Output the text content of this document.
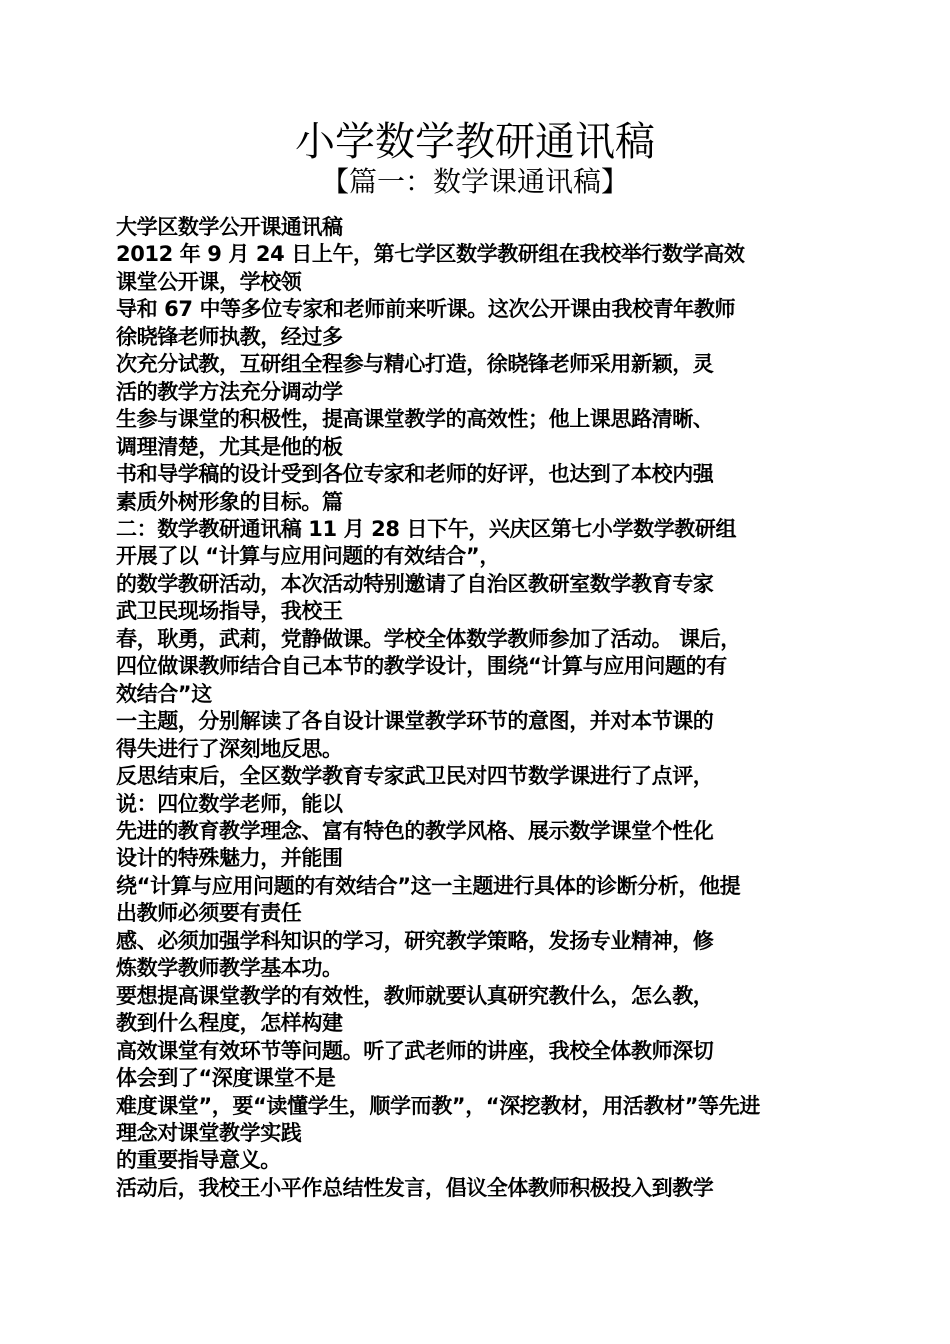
小学数学教研通讯稿
【篇一：数学课通讯稿】
大学区数学公开课通讯稿
2012 年 9 月 24 日上午，第七学区数学教研组在我校举行数学高效
课堂公开课，学校领
导和 67 中等多位专家和老师前来听课。这次公开课由我校青年教师
徐晓锋老师执教，经过多
次充分试教，互研组全程参与精心打造，徐晓锋老师采用新颖，灵
活的教学方法充分调动学
生参与课堂的积极性，提高课堂教学的高效性；他上课思路清晰、
调理清楚，尤其是他的板
书和导学稿的设计受到各位专家和老师的好评，也达到了本校内强
素质外树形象的目标。篇
二：数学教研通讯稿 11 月 28 日下午，兴庆区第七小学数学教研组
开展了以 “计算与应用问题的有效结合”，
的数学教研活动，本次活动特别邀请了自治区教研室数学教育专家
武卫民现场指导，我校王
春，耿勇，武莉，党静做课。学校全体数学教师参加了活动。 课后，
四位做课教师结合自己本节的教学设计，围绕“计算与应用问题的有
效结合”这
一主题，分别解读了各自设计课堂教学环节的意图，并对本节课的
得失进行了深刻地反思。
反思结束后，全区数学教育专家武卫民对四节数学课进行了点评，
说：四位数学老师，能以
先进的教育教学理念、富有特色的教学风格、展示数学课堂个性化
设计的特殊魅力，并能围
绕“计算与应用问题的有效结合”这一主题进行具体的诊断分析，他提
出教师必须要有责任
感、必须加强学科知识的学习，研究教学策略，发扬专业精神，修
炼数学教师教学基本功。
要想提高课堂教学的有效性，教师就要认真研究教什么，怎么教，
教到什么程度，怎样构建
高效课堂有效环节等问题。听了武老师的讲座，我校全体教师深切
体会到了“深度课堂不是
难度课堂”，要“读懂学生，顺学而教”，“深挖教材，用活教材”等先进
理念对课堂教学实践
的重要指导意义。
活动后，我校王小平作总结性发言，倡议全体教师积极投入到教学
